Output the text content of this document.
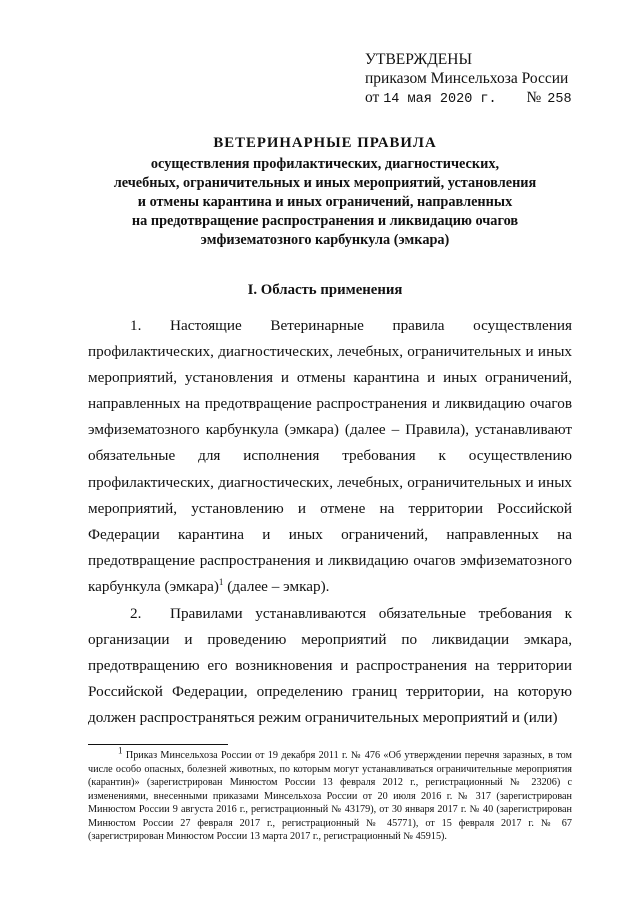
УТВЕРЖДЕНЫ
приказом Минсельхоза России
от 14 мая 2020 г. № 258
ВЕТЕРИНАРНЫЕ ПРАВИЛА
осуществления профилактических, диагностических,
лечебных, ограничительных и иных мероприятий, установления
и отмены карантина и иных ограничений, направленных
на предотвращение распространения и ликвидацию очагов
эмфизематозного карбункула (эмкара)
I. Область применения

1. Настоящие Ветеринарные правила осуществления профилактических, диагностических, лечебных, ограничительных и иных мероприятий, установления и отмены карантина и иных ограничений, направленных на предотвращение распространения и ликвидацию очагов эмфизематозного карбункула (эмкара) (далее – Правила), устанавливают обязательные для исполнения требования к осуществлению профилактических, диагностических, лечебных, ограничительных и иных мероприятий, установлению и отмене на территории Российской Федерации карантина и иных ограничений, направленных на предотвращение распространения и ликвидацию очагов эмфизематозного карбункула (эмкара)$^1$ (далее – эмкар).

2. Правилами устанавливаются обязательные требования к организации и проведению мероприятий по ликвидации эмкара, предотвращению его возникновения и распространения на территории Российской Федерации, определению границ территории, на которую должен распространяться режим ограничительных мероприятий и (или)

$^1$ Приказ Минсельхоза России от 19 декабря 2011 г. № 476 «Об утверждении перечня заразных, в том числе особо опасных, болезней животных, по которым могут устанавливаться ограничительные мероприятия (карантин)» (зарегистрирован Минюстом России 13 февраля 2012 г., регистрационный № 23206) с изменениями, внесенными приказами Минсельхоза России от 20 июля 2016 г. № 317 (зарегистрирован Минюстом России 9 августа 2016 г., регистрационный № 43179), от 30 января 2017 г. № 40 (зарегистрирован Минюстом России 27 февраля 2017 г., регистрационный № 45771), от 15 февраля 2017 г. № 67 (зарегистрирован Минюстом России 13 марта 2017 г., регистрационный № 45915).
